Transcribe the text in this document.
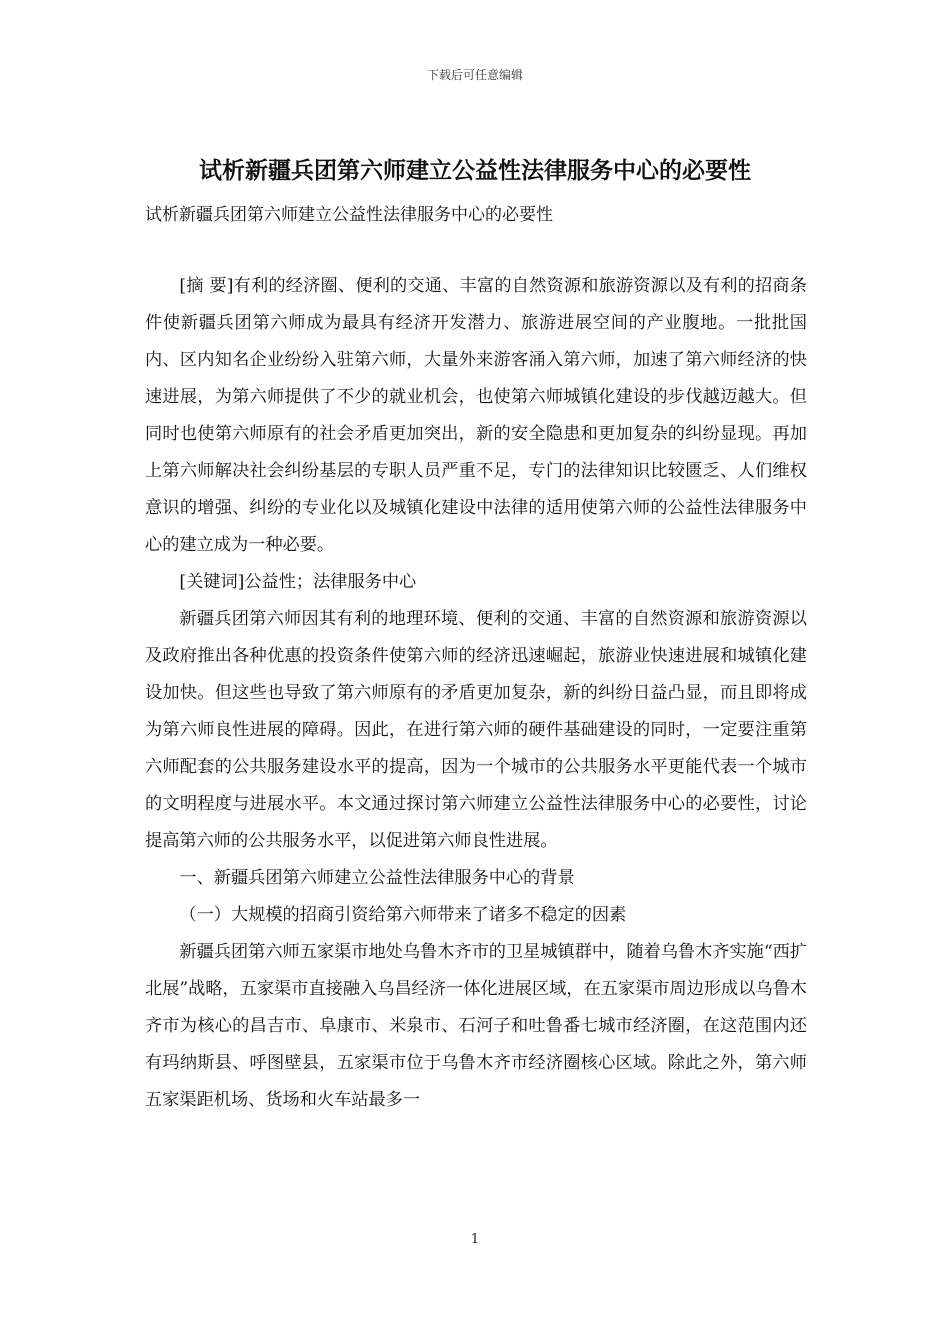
下载后可任意编辑
试析新疆兵团第六师建立公益性法律服务中心的必要性
试析新疆兵团第六师建立公益性法律服务中心的必要性

[摘 要]有利的经济圈、便利的交通、丰富的自然资源和旅游资源以及有利的招商条件使新疆兵团第六师成为最具有经济开发潜力、旅游进展空间的产业腹地。一批批国内、区内知名企业纷纷入驻第六师，大量外来游客涌入第六师，加速了第六师经济的快速进展，为第六师提供了不少的就业机会，也使第六师城镇化建设的步伐越迈越大。但同时也使第六师原有的社会矛盾更加突出，新的安全隐患和更加复杂的纠纷显现。再加上第六师解决社会纠纷基层的专职人员严重不足，专门的法律知识比较匮乏、人们维权意识的增强、纠纷的专业化以及城镇化建设中法律的适用使第六师的公益性法律服务中心的建立成为一种必要。

[关键词]公益性；法律服务中心

新疆兵团第六师因其有利的地理环境、便利的交通、丰富的自然资源和旅游资源以及政府推出各种优惠的投资条件使第六师的经济迅速崛起，旅游业快速进展和城镇化建设加快。但这些也导致了第六师原有的矛盾更加复杂，新的纠纷日益凸显，而且即将成为第六师良性进展的障碍。因此，在进行第六师的硬件基础建设的同时，一定要注重第六师配套的公共服务建设水平的提高，因为一个城市的公共服务水平更能代表一个城市的文明程度与进展水平。本文通过探讨第六师建立公益性法律服务中心的必要性，讨论提高第六师的公共服务水平，以促进第六师良性进展。

一、新疆兵团第六师建立公益性法律服务中心的背景

（一）大规模的招商引资给第六师带来了诸多不稳定的因素

新疆兵团第六师五家渠市地处乌鲁木齐市的卫星城镇群中，随着乌鲁木齐实施“西扩北展”战略，五家渠市直接融入乌昌经济一体化进展区域，在五家渠市周边形成以乌鲁木齐市为核心的昌吉市、阜康市、米泉市、石河子和吐鲁番七城市经济圈，在这范围内还有玛纳斯县、呼图壁县，五家渠市位于乌鲁木齐市经济圈核心区域。除此之外，第六师五家渠距机场、货场和火车站最多一

1
